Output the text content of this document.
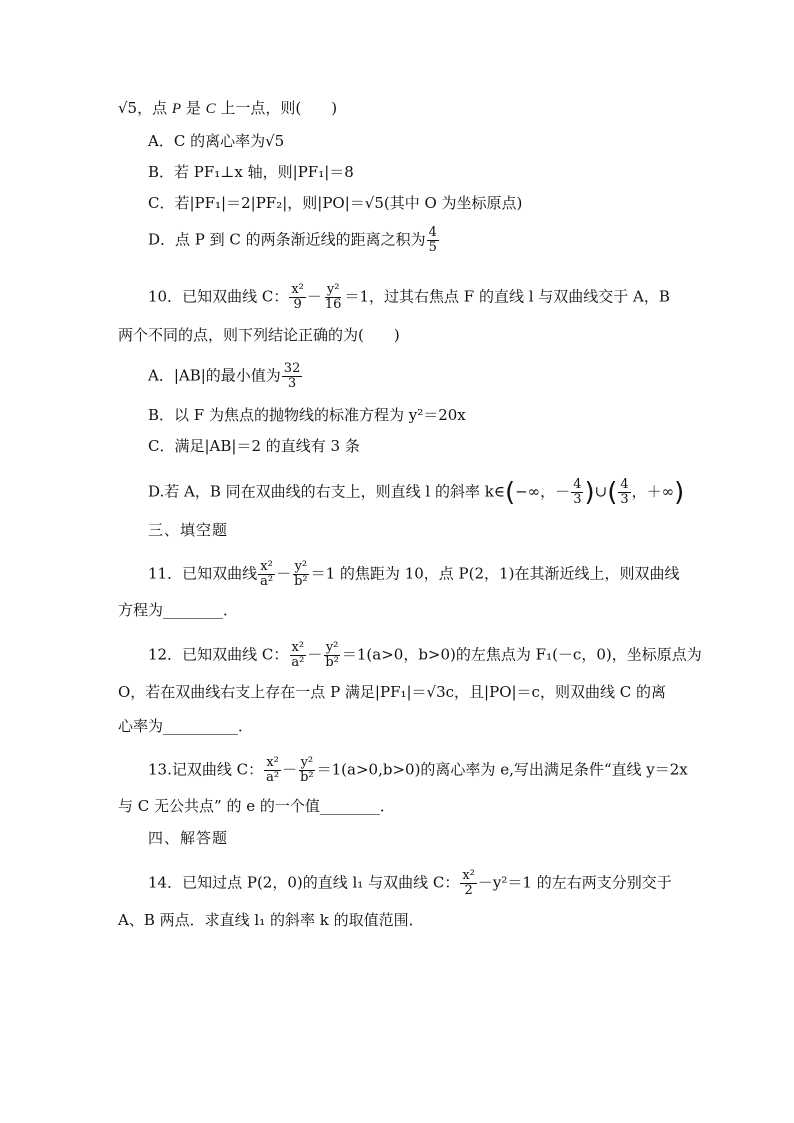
√5，点 P 是 C 上一点，则(　　)
A．C 的离心率为√5
B．若 PF₁⊥x 轴，则|PF₁|＝8
C．若|PF₁|＝2|PF₂|，则|PO|＝√5(其中 O 为坐标原点)
D．点 P 到 C 的两条渐近线的距离之积为 $\frac{4}{5}$
10．已知双曲线 C： $\frac{\text{x²}}{9} - \frac{\text{y²}}{16} =1$，过其右焦点 F 的直线 l 与双曲线交于 A，B
两个不同的点，则下列结论正确的为(　　)
A．|AB|的最小值为 $\frac{32}{3}$
B．以 F 为焦点的抛物线的标准方程为 y²＝20x
C．满足|AB|＝2 的直线有 3 条
D.若 A，B 同在双曲线的右支上，则直线 l 的斜率 k∈(−∞，－ $\frac{4}{3}$ )∪( $\frac{4}{3}$ ，＋∞)
三、填空题
11．已知双曲线 $\frac{\text{x²}}{\text{a²}} - \frac{\text{y²}}{\text{b²}} =1$ 的焦距为 10，点 P(2，1)在其渐近线上，则双曲线
方程为________．
12．已知双曲线 C： $\frac{\text{x²}}{\text{a²}} - \frac{\text{y²}}{\text{b²}} =1(a>0$，b>0)的左焦点为 F₁(－c，0)，坐标原点为
O，若在双曲线右支上存在一点 P 满足|PF₁|＝√3c，且|PO|＝c，则双曲线 C 的离
心率为__________．
13.记双曲线 C： $\frac{\text{x²}}{\text{a²}} - \frac{\text{y²}}{\text{b²}} =1(a>0,b>0)$的离心率为 e,写出满足条件“直线 y＝2x
与 C 无公共点” 的 e 的一个值________．
四、解答题
14．已知过点 P(2，0)的直线 l₁ 与双曲线 C： $\frac{\text{x²}}{2} -y^2=1$ 的左右两支分别交于
A、B 两点．求直线 l₁ 的斜率 k 的取值范围．
